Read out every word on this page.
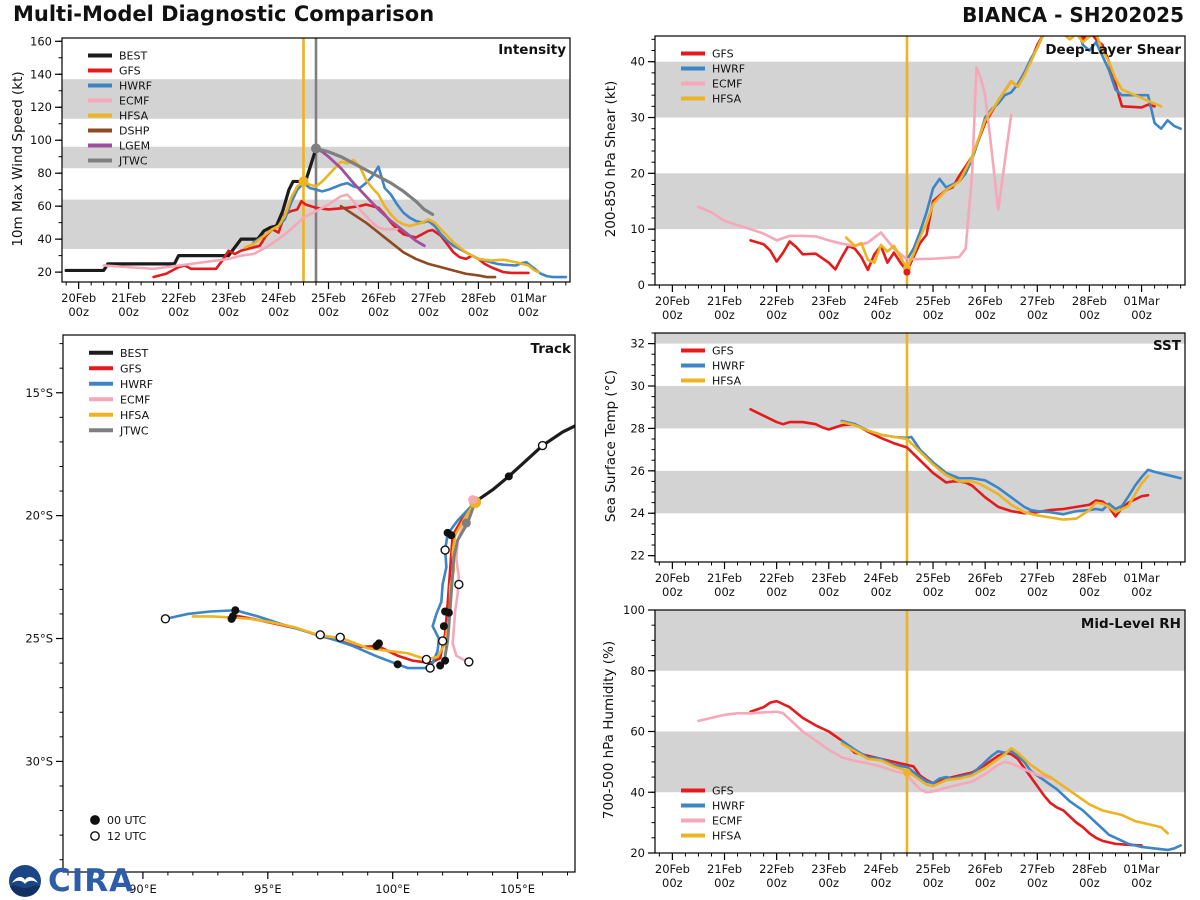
Multi-Model Diagnostic Comparison	BIANCA - SH202025
20Feb
00z
21Feb
00z
22Feb
00z
23Feb
00z
24Feb
00z
25Feb
00z
26Feb
00z
27Feb
00z
28Feb
00z
01Mar
00z
20
40
60
80
100
120
140
160
BEST
GFS
HWRF
ECMF
HFSA
DSHP
LGEM
JTWC
20Feb
00z
21Feb
00z
22Feb
00z
23Feb
00z
24Feb
00z
25Feb
00z
26Feb
00z
27Feb
00z
28Feb
00z
01Mar
00z
0
10
20
30
40
GFS
HWRF
ECMF
HFSA
20Feb
00z
21Feb
00z
22Feb
00z
23Feb
00z
24Feb
00z
25Feb
00z
26Feb
00z
27Feb
00z
28Feb
00z
01Mar
00z
22
24
26
28
30
32
GFS
HWRF
HFSA
20Feb
00z
21Feb
00z
22Feb
00z
23Feb
00z
24Feb
00z
25Feb
00z
26Feb
00z
27Feb
00z
28Feb
00z
01Mar
00z
20
40
60
80
100
GFS
HWRF
ECMF
HFSA
90°E	95°E	100°E	105°E
15°S
20°S
25°S
30°S
BEST
GFS
HWRF
ECMF
HFSA
JTWC
00 UTC
12 UTC
Intensity
Track
Deep-Layer Shear
SST
Mid-Level RH
10m Max Wind Speed (kt)	200-850 hPa Shear (kt)
Sea Surface Temp (°C)
700-500 hPa Humidity (%)
CIRA
